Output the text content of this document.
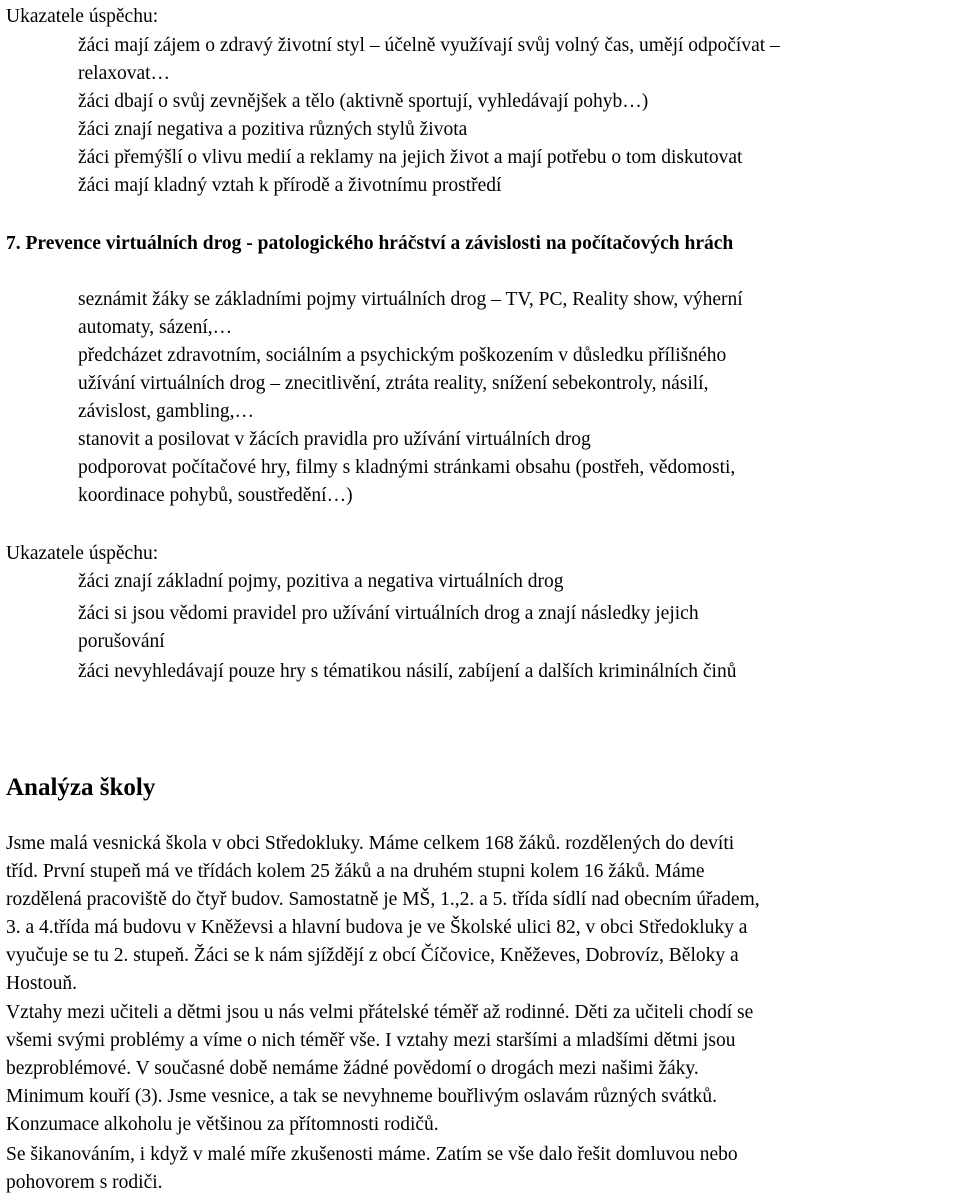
Ukazatele úspěchu:
žáci mají zájem o zdravý životní styl – účelně využívají svůj volný čas, umějí odpočívat –
relaxovat…
žáci dbají o svůj zevnějšek a tělo (aktivně sportují, vyhledávají pohyb…)
žáci znají negativa a pozitiva různých stylů života
žáci přemýšlí o vlivu medií a reklamy na jejich život a mají potřebu o tom diskutovat
žáci mají kladný vztah k přírodě a životnímu prostředí
7. Prevence virtuálních drog - patologického hráčství a závislosti na počítačových hrách
seznámit žáky se základními pojmy virtuálních drog – TV, PC, Reality show, výherní
automaty, sázení,…
předcházet zdravotním, sociálním a psychickým poškozením v důsledku přílišného
užívání virtuálních drog – znecitlivění, ztráta reality, snížení sebekontroly, násilí,
závislost, gambling,…
stanovit a posilovat v žácích pravidla pro užívání virtuálních drog
podporovat počítačové hry, filmy s kladnými stránkami obsahu (postřeh, vědomosti,
koordinace pohybů, soustředění…)
Ukazatele úspěchu:
žáci znají základní pojmy, pozitiva a negativa virtuálních drog
žáci si jsou vědomi pravidel pro užívání virtuálních drog a znají následky jejich
porušování
žáci nevyhledávají pouze hry s tématikou násilí, zabíjení a dalších kriminálních činů
Analýza školy
Jsme malá vesnická škola v obci Středokluky. Máme celkem 168 žáků. rozdělených do devíti
tříd. První stupeň má ve třídách kolem 25 žáků a na druhém stupni kolem 16 žáků. Máme
rozdělená pracoviště do čtyř budov. Samostatně je MŠ, 1.,2. a 5. třída sídlí nad obecním úřadem,
3. a 4.třída má budovu v Kněževsi a hlavní budova je ve Školské ulici 82, v obci Středokluky a
vyučuje se tu 2. stupeň. Žáci se k nám sjíždějí z obcí Číčovice, Kněževes, Dobrovíz, Běloky a
Hostouň.
Vztahy mezi učiteli a dětmi jsou u nás velmi přátelské téměř až rodinné. Děti za učiteli chodí se
všemi svými problémy a víme o nich téměř vše. I vztahy mezi staršími a mladšími dětmi jsou
bezproblémové. V současné době nemáme žádné povědomí o drogách mezi našimi žáky.
Minimum kouří (3). Jsme vesnice, a tak se nevyhneme bouřlivým oslavám různých svátků.
Konzumace alkoholu je většinou za přítomnosti rodičů.
Se šikanováním, i když v malé míře zkušenosti máme. Zatím se vše dalo řešit domluvou nebo
pohovorem s rodiči.
